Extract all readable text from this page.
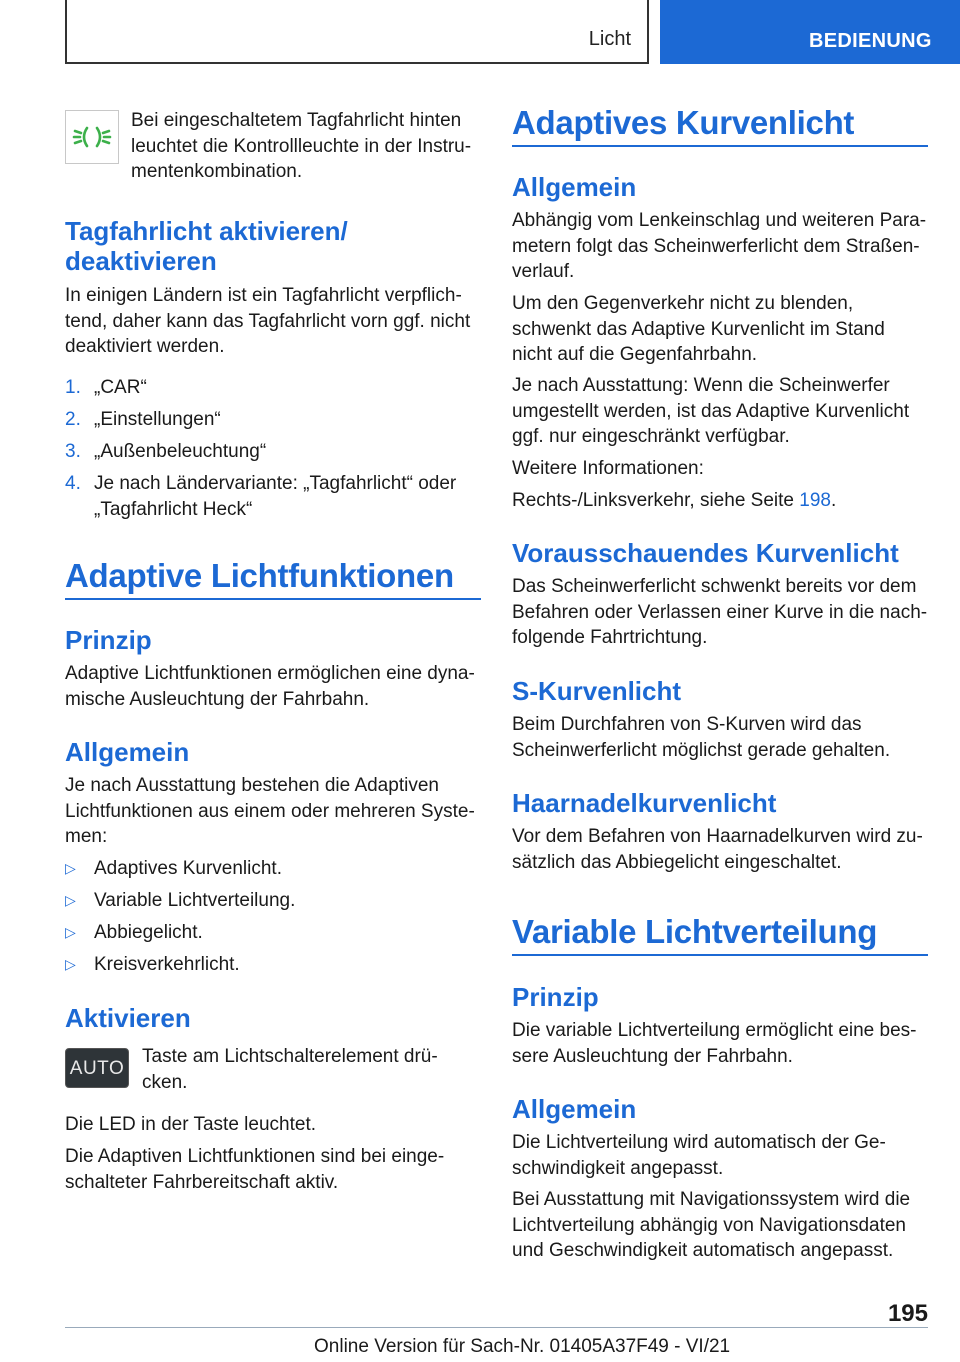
Licht	BEDIENUNG
Bei eingeschaltetem Tagfahrlicht hinten
leuchtet die Kontrollleuchte in der Instru-
mentenkombination.
Tagfahrlicht aktivieren/
deaktivieren
In einigen Ländern ist ein Tagfahrlicht verpflich-
tend, daher kann das Tagfahrlicht vorn ggf. nicht
deaktiviert werden.
1. „CAR“
2. „Einstellungen“
3. „Außenbeleuchtung“
4. Je nach Ländervariante: „Tagfahrlicht“ oder
„Tagfahrlicht Heck“
Adaptive Lichtfunktionen
Prinzip
Adaptive Lichtfunktionen ermöglichen eine dyna-
mische Ausleuchtung der Fahrbahn.
Allgemein
Je nach Ausstattung bestehen die Adaptiven
Lichtfunktionen aus einem oder mehreren Syste-
men:
▷ Adaptives Kurvenlicht.
▷ Variable Lichtverteilung.
▷ Abbiegelicht.
▷ Kreisverkehrlicht.
Aktivieren
AUTO
Taste am Lichtschalterelement drü-
cken.
Die LED in der Taste leuchtet.
Die Adaptiven Lichtfunktionen sind bei einge-
schalteter Fahrbereitschaft aktiv.
Adaptives Kurvenlicht
Allgemein
Abhängig vom Lenkeinschlag und weiteren Para-
metern folgt das Scheinwerferlicht dem Straßen-
verlauf.
Um den Gegenverkehr nicht zu blenden,
schwenkt das Adaptive Kurvenlicht im Stand
nicht auf die Gegenfahrbahn.
Je nach Ausstattung: Wenn die Scheinwerfer
umgestellt werden, ist das Adaptive Kurvenlicht
ggf. nur eingeschränkt verfügbar.
Weitere Informationen:
Rechts-/Linksverkehr, siehe Seite 198.
Vorausschauendes Kurvenlicht
Das Scheinwerferlicht schwenkt bereits vor dem
Befahren oder Verlassen einer Kurve in die nach-
folgende Fahrtrichtung.
S-Kurvenlicht
Beim Durchfahren von S-Kurven wird das
Scheinwerferlicht möglichst gerade gehalten.
Haarnadelkurvenlicht
Vor dem Befahren von Haarnadelkurven wird zu-
sätzlich das Abbiegelicht eingeschaltet.
Variable Lichtverteilung
Prinzip
Die variable Lichtverteilung ermöglicht eine bes-
sere Ausleuchtung der Fahrbahn.
Allgemein
Die Lichtverteilung wird automatisch der Ge-
schwindigkeit angepasst.
Bei Ausstattung mit Navigationssystem wird die
Lichtverteilung abhängig von Navigationsdaten
und Geschwindigkeit automatisch angepasst.
195
Online Version für Sach-Nr. 01405A37F49 - VI/21
